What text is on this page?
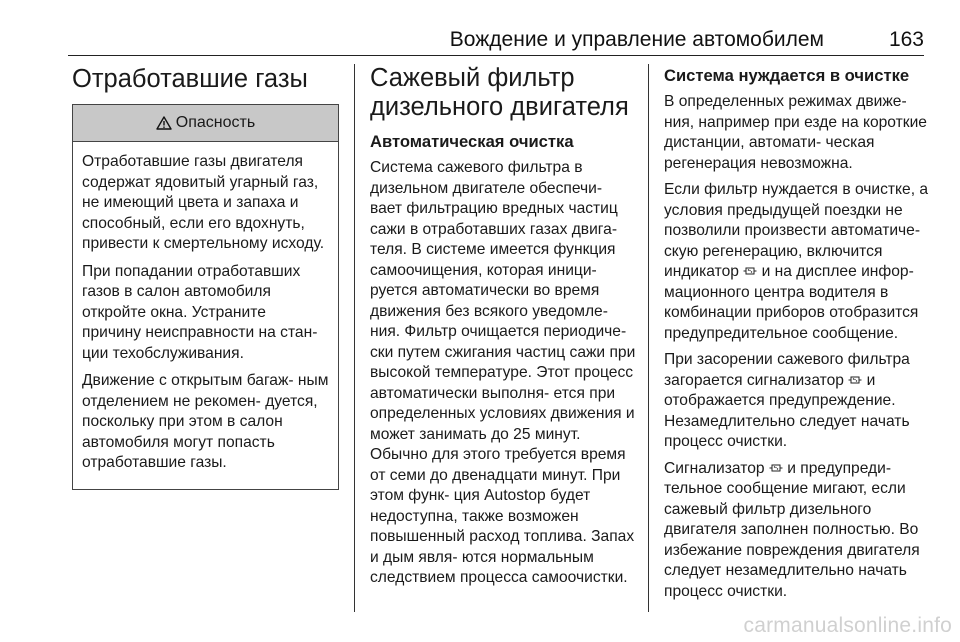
Вождение и управление автомобилем	163
Отработавшие газы
Опасность

Отработавшие газы двигателя содержат ядовитый угарный газ, не имеющий цвета и запаха и способный, если его вдохнуть, привести к смертельному исходу.

При попадании отработавших газов в салон автомобиля откройте окна. Устраните причину неисправности на стан- ции техобслуживания.

Движение с открытым багаж- ным отделением не рекомен- дуется, поскольку при этом в салон автомобиля могут попасть отработавшие газы.

Сажевый фильтр дизельного двигателя
Автоматическая очистка

Система сажевого фильтра в дизельном двигателе обеспечи- вает фильтрацию вредных частиц сажи в отработавших газах двига- теля. В системе имеется функция самоочищения, которая иници- руется автоматически во время движения без всякого уведомле- ния. Фильтр очищается периодиче- ски путем сжигания частиц сажи при высокой температуре. Этот процесс автоматически выполня- ется при определенных условиях движения и может занимать до 25 минут. Обычно для этого требуется время от семи до двенадцати минут. При этом функ- ция Autostop будет недоступна, также возможен повышенный расход топлива. Запах и дым явля- ются нормальным следствием процесса самоочистки.

Система нуждается в очистке

В определенных режимах движе- ния, например при езде на короткие дистанции, автомати- ческая регенерация невозможна.

Если фильтр нуждается в очистке, а условия предыдущей поездки не позволили произвести автоматиче- скую регенерацию, включится индикатор  и на дисплее инфор- мационного центра водителя в комбинации приборов отобразится предупредительное сообщение.

При засорении сажевого фильтра загорается сигнализатор  и отображается предупреждение. Незамедлительно следует начать процесс очистки.

Сигнализатор  и предупреди- тельное сообщение мигают, если сажевый фильтр дизельного двигателя заполнен полностью. Во избежание повреждения двигателя следует незамедлительно начать процесс очистки.

carmanualsonline.info
